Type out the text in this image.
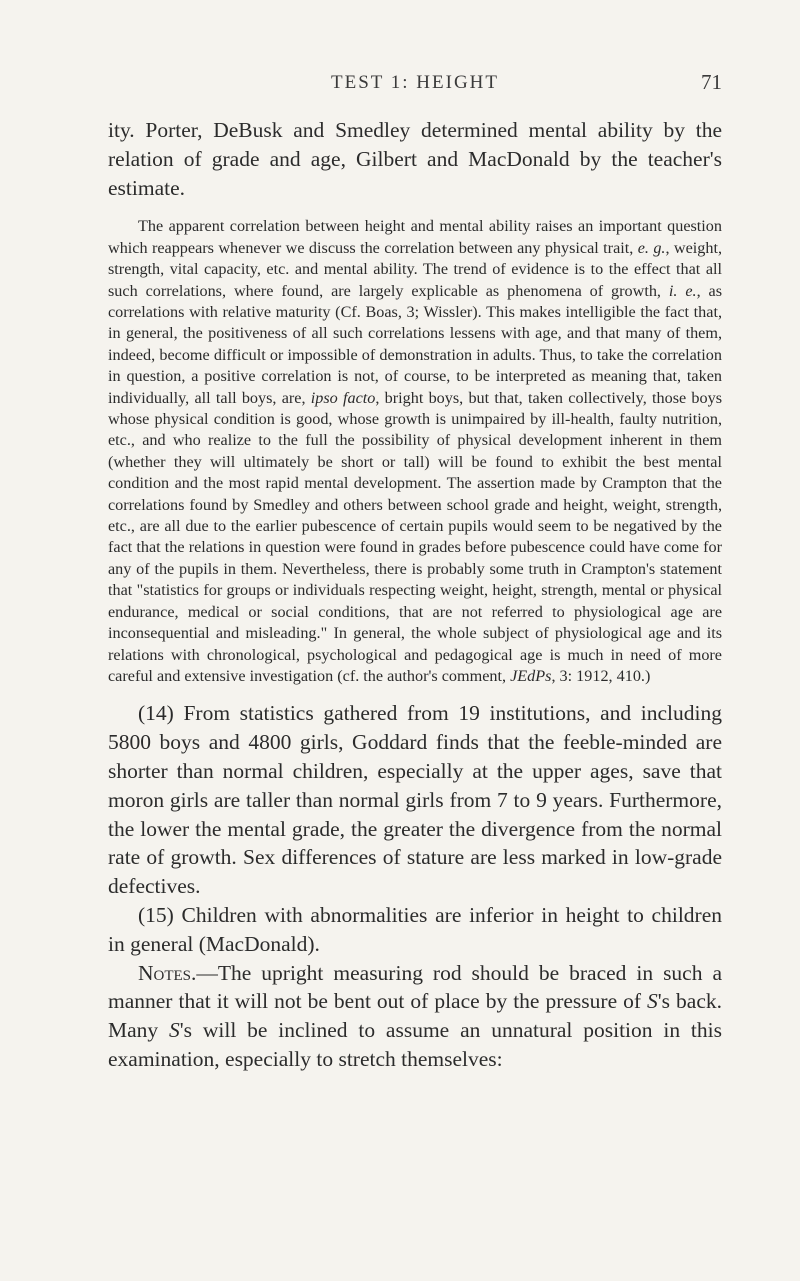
TEST 1: HEIGHT	71

ity. Porter, DeBusk and Smedley determined mental ability by the relation of grade and age, Gilbert and MacDonald by the teacher's estimate.

The apparent correlation between height and mental ability raises an important question which reappears whenever we discuss the correlation between any physical trait, e. g., weight, strength, vital capacity, etc. and mental ability. The trend of evidence is to the effect that all such correlations, where found, are largely explicable as phenomena of growth, i. e., as correlations with relative maturity (Cf. Boas, 3; Wissler). This makes intelligible the fact that, in general, the positiveness of all such correlations lessens with age, and that many of them, indeed, become difficult or impossible of demonstration in adults. Thus, to take the correlation in question, a positive correlation is not, of course, to be interpreted as meaning that, taken individually, all tall boys, are, ipso facto, bright boys, but that, taken collectively, those boys whose physical condition is good, whose growth is unimpaired by ill-health, faulty nutrition, etc., and who realize to the full the possibility of physical development inherent in them (whether they will ultimately be short or tall) will be found to exhibit the best mental condition and the most rapid mental development. The assertion made by Crampton that the correlations found by Smedley and others between school grade and height, weight, strength, etc., are all due to the earlier pubescence of certain pupils would seem to be negatived by the fact that the relations in question were found in grades before pubescence could have come for any of the pupils in them. Nevertheless, there is probably some truth in Crampton's statement that "statistics for groups or individuals respecting weight, height, strength, mental or physical endurance, medical or social conditions, that are not referred to physiological age are inconsequential and misleading." In general, the whole subject of physiological age and its relations with chronological, psychological and pedagogical age is much in need of more careful and extensive investigation (cf. the author's comment, JEdPs, 3: 1912, 410.)

(14) From statistics gathered from 19 institutions, and including 5800 boys and 4800 girls, Goddard finds that the feeble-minded are shorter than normal children, especially at the upper ages, save that moron girls are taller than normal girls from 7 to 9 years. Furthermore, the lower the mental grade, the greater the divergence from the normal rate of growth. Sex differences of stature are less marked in low-grade defectives.

(15) Children with abnormalities are inferior in height to children in general (MacDonald).

Notes.—The upright measuring rod should be braced in such a manner that it will not be bent out of place by the pressure of S's back. Many S's will be inclined to assume an unnatural position in this examination, especially to stretch themselves:
